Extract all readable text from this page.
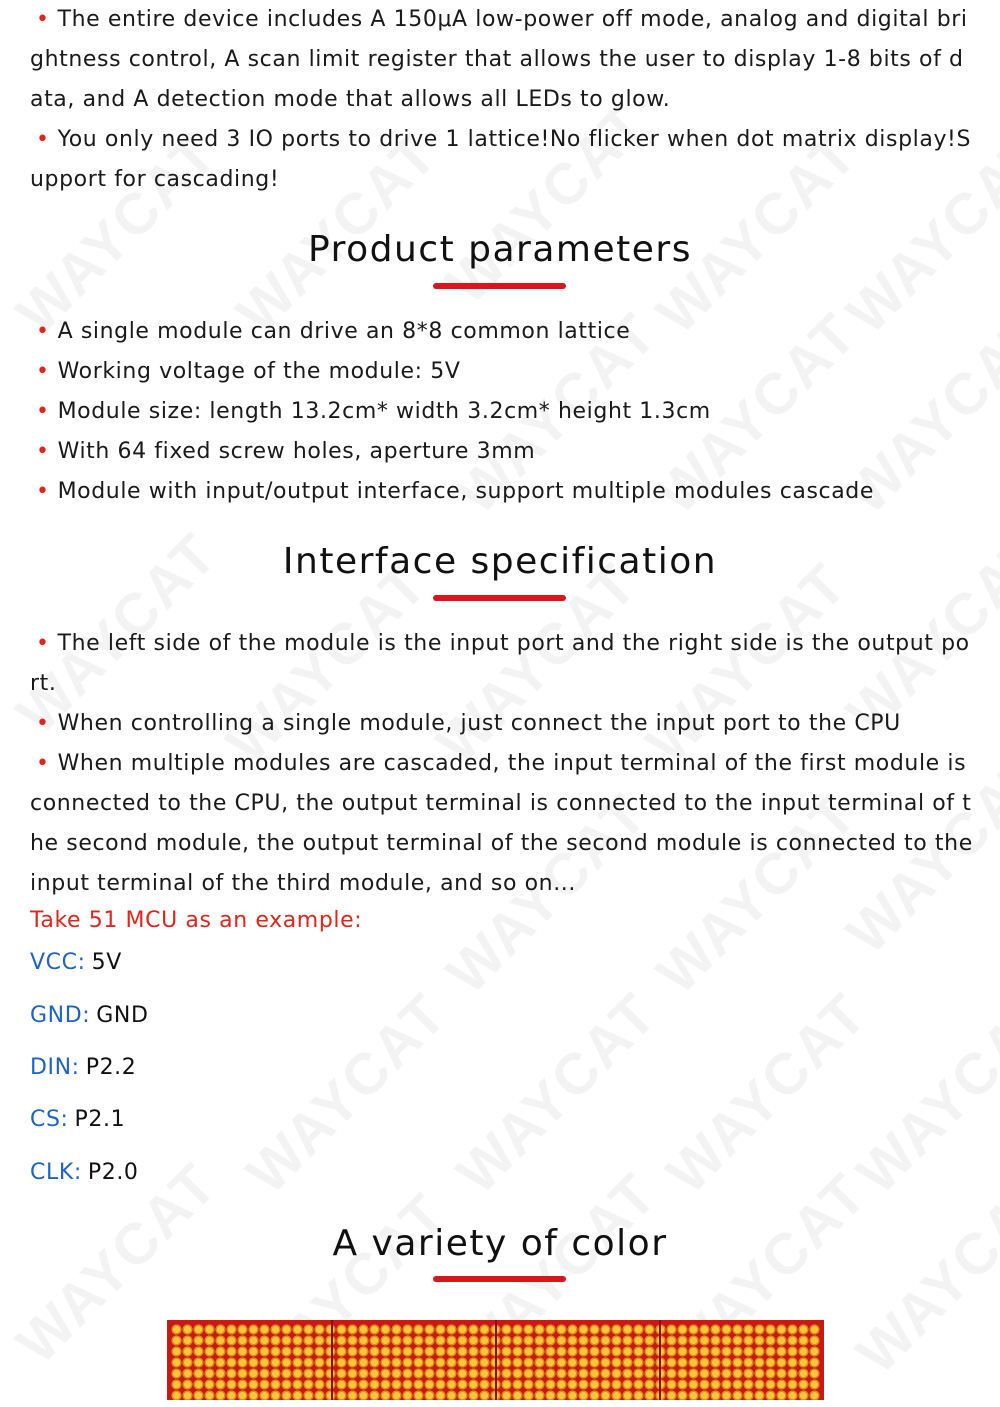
• The entire device includes A 150μA low-power off mode, analog and digital brightness control, A scan limit register that allows the user to display 1-8 bits of data, and A detection mode that allows all LEDs to glow.
• You only need 3 IO ports to drive 1 lattice!No flicker when dot matrix display!Support for cascading!
Product parameters
• A single module can drive an 8*8 common lattice
• Working voltage of the module: 5V
• Module size: length 13.2cm* width 3.2cm* height 1.3cm
• With 64 fixed screw holes, aperture 3mm
• Module with input/output interface, support multiple modules cascade
Interface specification
• The left side of the module is the input port and the right side is the output port.
• When controlling a single module, just connect the input port to the CPU
• When multiple modules are cascaded, the input terminal of the first module is connected to the CPU, the output terminal is connected to the input terminal of the second module, the output terminal of the second module is connected to the input terminal of the third module, and so on...
Take 51 MCU as an example:
VCC: 5V
GND: GND
DIN: P2.2
CS: P2.1
CLK: P2.0
A variety of color
